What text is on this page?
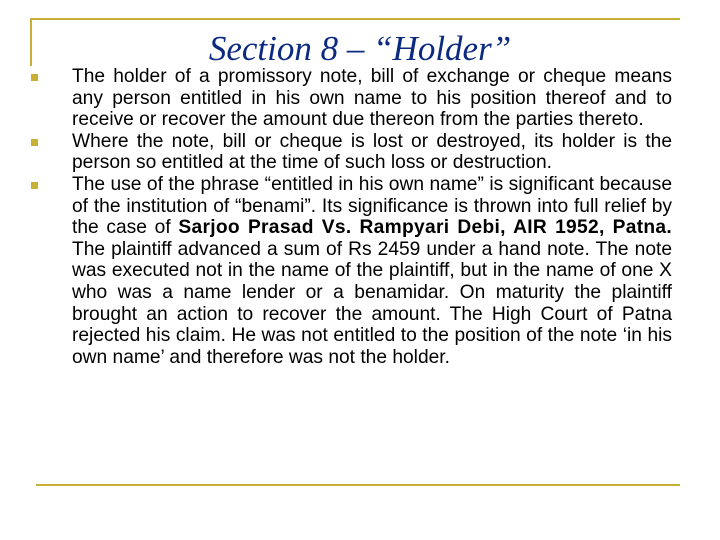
Section 8 – “Holder”
The holder of a promissory note, bill of exchange or cheque means any person entitled in his own name to his position thereof and to receive or recover the amount due thereon from the parties thereto.
Where the note, bill or cheque is lost or destroyed, its holder is the person so entitled at the time of such loss or destruction.
The use of the phrase “entitled in his own name” is significant because of the institution of “benami”. Its significance is thrown into full relief by the case of Sarjoo Prasad Vs. Rampyari Debi, AIR 1952, Patna. The plaintiff advanced a sum of Rs 2459 under a hand note. The note was executed not in the name of the plaintiff, but in the name of one X who was a name lender or a benamidar. On maturity the plaintiff brought an action to recover the amount. The High Court of Patna rejected his claim. He was not entitled to the position of the note ‘in his own name’ and therefore was not the holder.
